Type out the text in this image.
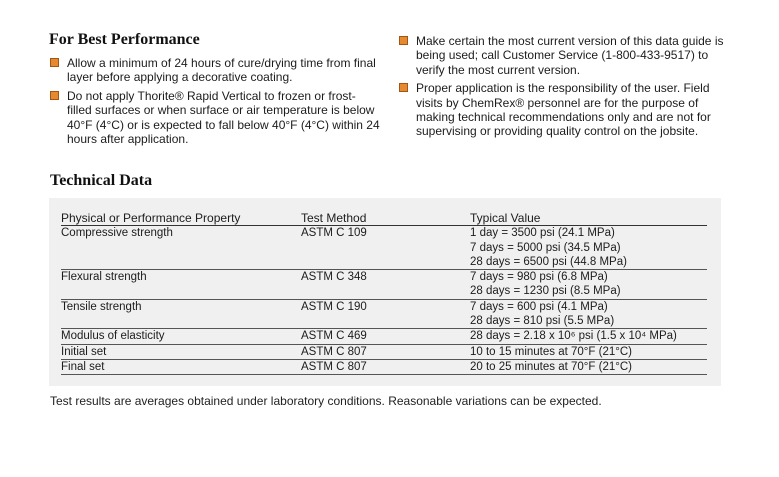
For Best Performance
Allow a minimum of 24 hours of cure/drying time from final layer before applying a decorative coating.
Do not apply Thorite® Rapid Vertical to frozen or frost-filled surfaces or when surface or air temperature is below 40°F (4°C) or is expected to fall below 40°F (4°C) within 24 hours after application.
Make certain the most current version of this data guide is being used; call Customer Service (1-800-433-9517) to verify the most current version.
Proper application is the responsibility of the user. Field visits by ChemRex® personnel are for the purpose of making technical recommendations only and are not for supervising or providing quality control on the jobsite.
Technical Data
Physical or Performance Property	Test Method	Typical Value
Compressive strength	ASTM C 109	1 day = 3500 psi (24.1 MPa)
7 days = 5000 psi (34.5 MPa)
28 days = 6500 psi (44.8 MPa)
Flexural strength	ASTM C 348	7 days = 980 psi (6.8 MPa)
28 days = 1230 psi (8.5 MPa)
Tensile strength	ASTM C 190	7 days = 600 psi (4.1 MPa)
28 days = 810 psi (5.5 MPa)
Modulus of elasticity	ASTM C 469	28 days = 2.18 x 10⁶ psi (1.5 x 10⁴ MPa)
Initial set	ASTM C 807	10 to 15 minutes at 70°F (21°C)
Final set	ASTM C 807	20 to 25 minutes at 70°F (21°C)
Test results are averages obtained under laboratory conditions. Reasonable variations can be expected.
